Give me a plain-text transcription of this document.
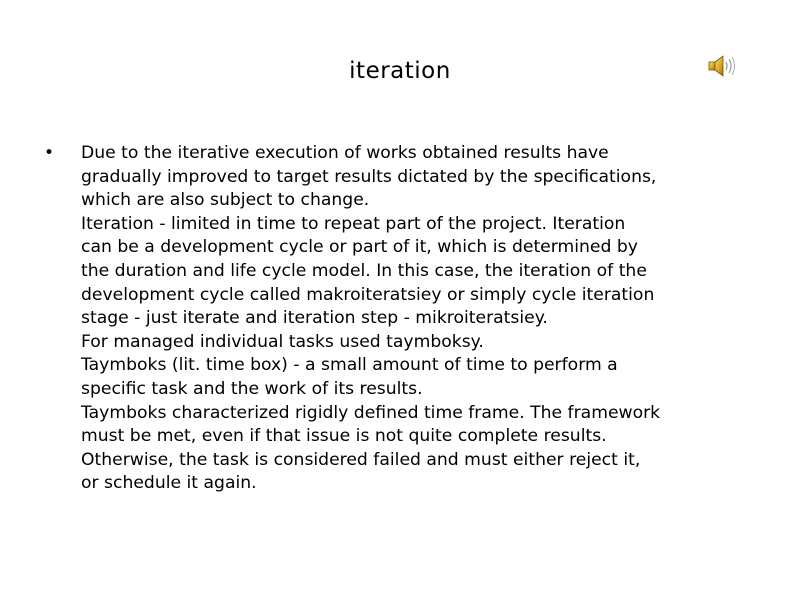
iteration
•	Due to the iterative execution of works obtained results have
gradually improved to target results dictated by the specifications,
which are also subject to change.
Iteration - limited in time to repeat part of the project. Iteration
can be a development cycle or part of it, which is determined by
the duration and life cycle model. In this case, the iteration of the
development cycle called makroiteratsiey or simply cycle iteration
stage - just iterate and iteration step - mikroiteratsiey.
For managed individual tasks used taymboksy.
Taymboks (lit. time box) - a small amount of time to perform a
specific task and the work of its results.
Taymboks characterized rigidly defined time frame. The framework
must be met, even if that issue is not quite complete results.
Otherwise, the task is considered failed and must either reject it,
or schedule it again.
